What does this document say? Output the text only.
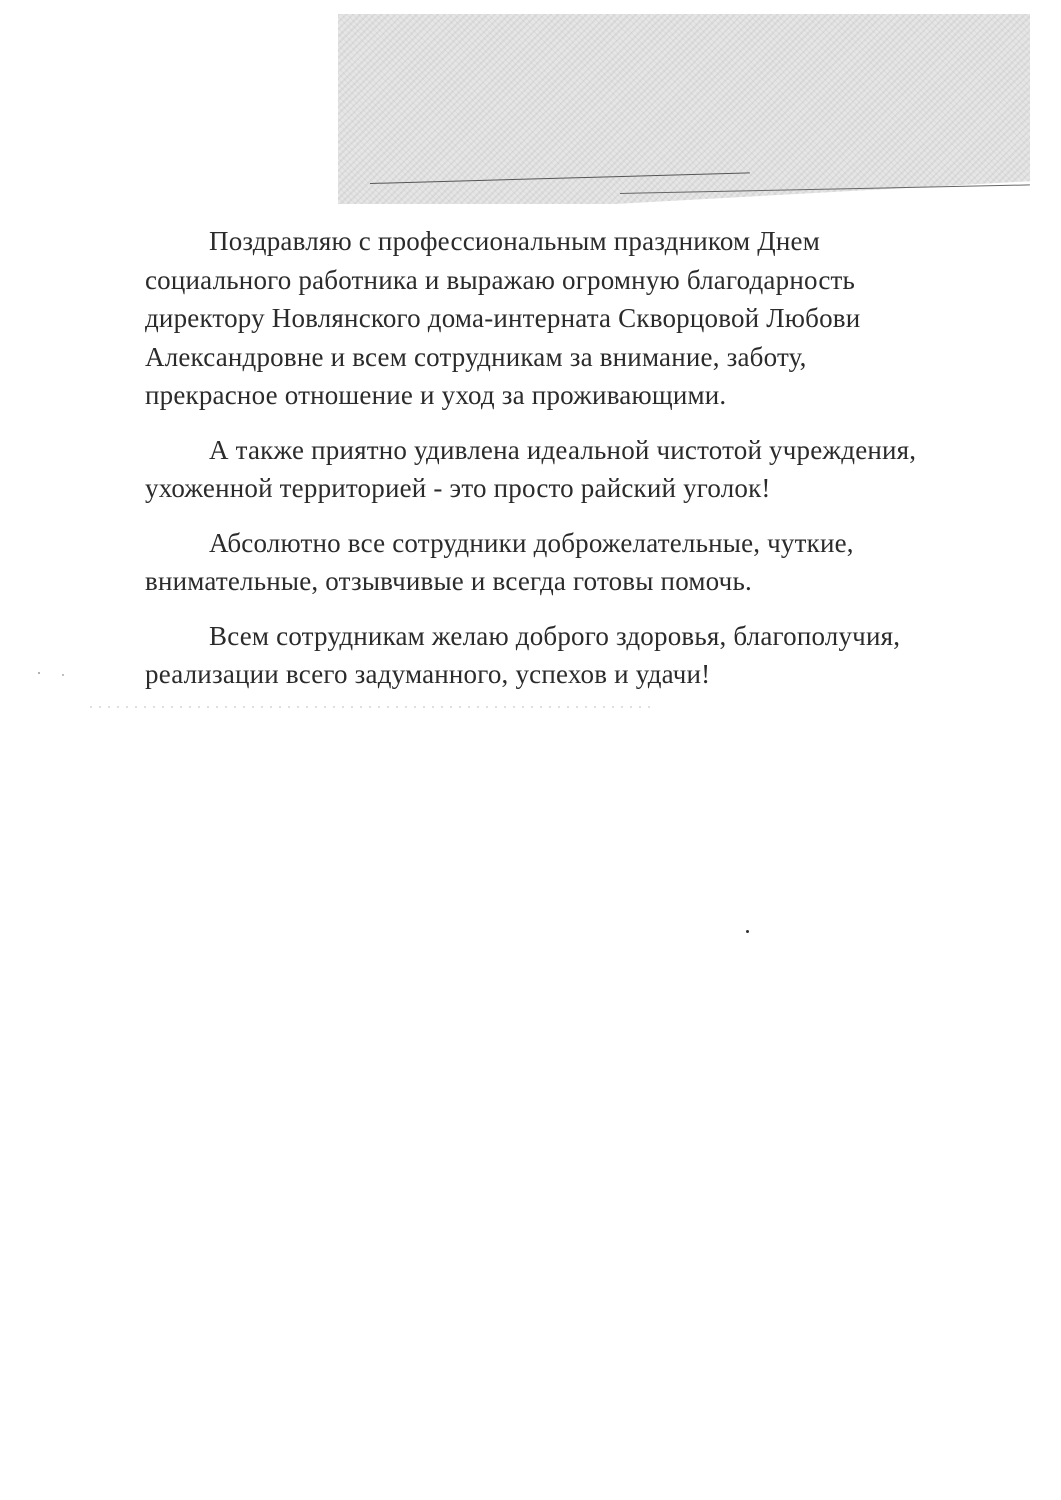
Поздравляю с профессиональным праздником Днем
социального работника и выражаю огромную благодарность
директору Новлянского дома-интерната Скворцовой Любови
Александровне и всем сотрудникам за внимание, заботу,
прекрасное отношение и уход за проживающими.

А также приятно удивлена идеальной чистотой учреждения,
ухоженной территорией - это просто райский уголок!

Абсолютно все сотрудники доброжелательные, чуткие,
внимательные, отзывчивые и всегда готовы помочь.

Всем сотрудникам желаю доброго здоровья, благополучия,
реализации всего задуманного, успехов и удачи!
